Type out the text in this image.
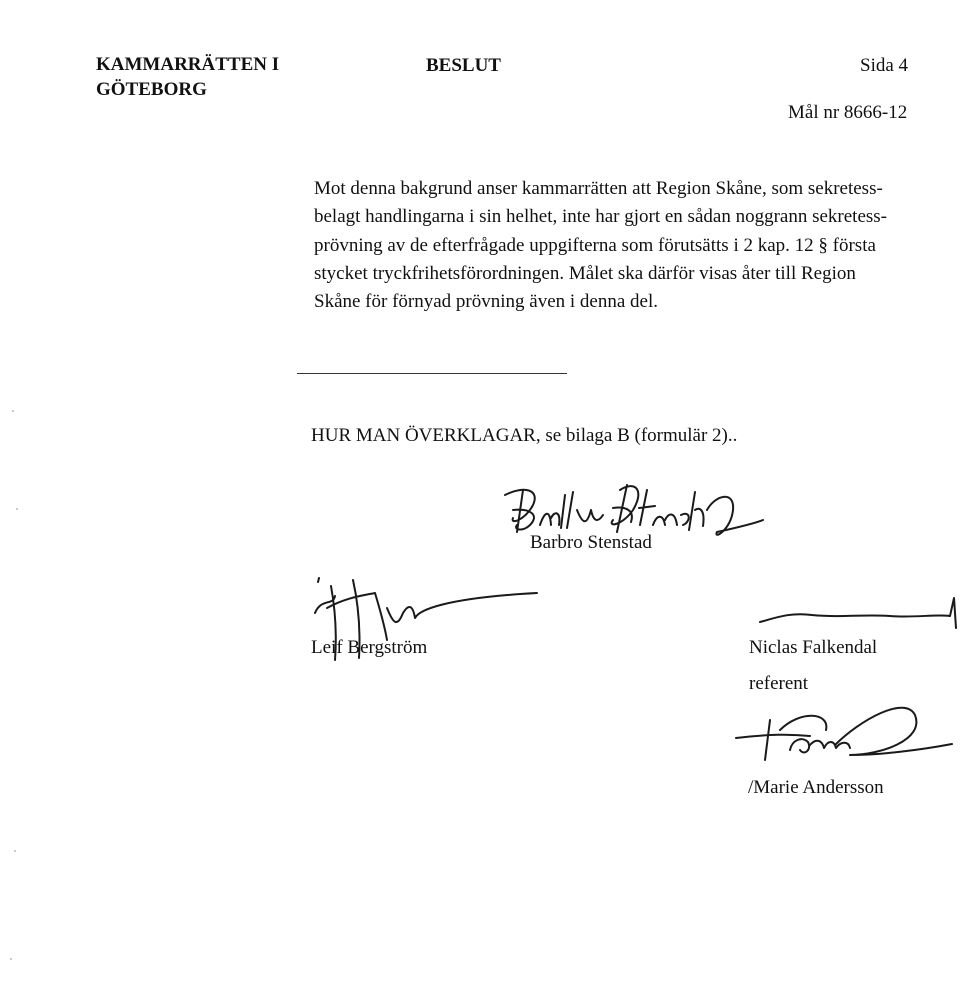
KAMMARRÄTTEN I
GÖTEBORG
BESLUT	Sida 4
Mål nr 8666-12
Mot denna bakgrund anser kammarrätten att Region Skåne, som sekretess-
belagt handlingarna i sin helhet, inte har gjort en sådan noggrann sekretess-
prövning av de efterfrågade uppgifterna som förutsätts i 2 kap. 12 § första
stycket tryckfrihetsförordningen. Målet ska därför visas åter till Region
Skåne för förnyad prövning även i denna del.
HUR MAN ÖVERKLAGAR, se bilaga B (formulär 2)..
Barbro Stenstad
Leif Bergström	Niclas Falkendal
referent
/Marie Andersson
